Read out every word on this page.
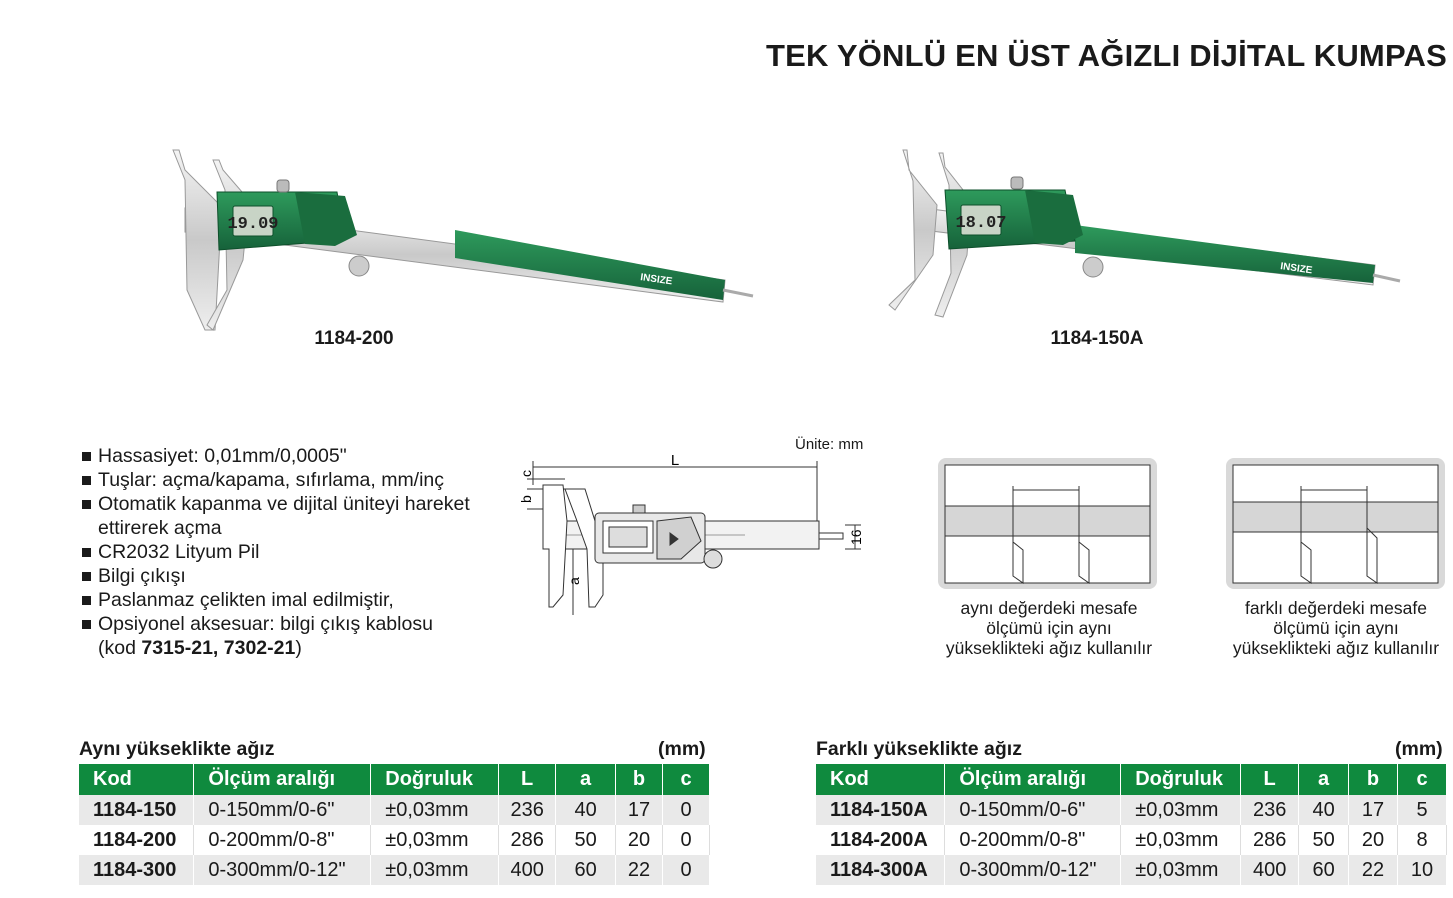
TEK YÖNLÜ EN ÜST AĞIZLI DİJİTAL KUMPAS
19.09
INSIZE
1184-200
18.07
INSIZE
1184-150A
Hassasiyet: 0,01mm/0,0005"
Tuşlar: açma/kapama, sıfırlama, mm/inç
Otomatik kapanma ve dijital üniteyi hareket ettirerek açma
CR2032 Lityum Pil
Bilgi çıkışı
Paslanmaz çelikten imal edilmiştir,
Opsiyonel aksesuar: bilgi çıkış kablosu
(kod 7315-21, 7302-21)
Ünite: mm
L
c
b
a
16
aynı değerdeki mesafe
ölçümü için aynı
yükseklikteki ağız kullanılır
farklı değerdeki mesafe
ölçümü için aynı
yükseklikteki ağız kullanılır
Aynı yükseklikte ağız	(mm)
Kod	Ölçüm aralığı	Doğruluk	L	a	b	c
1184-150	0-150mm/0-6"	±0,03mm	236	40	17	0
1184-200	0-200mm/0-8"	±0,03mm	286	50	20	0
1184-300	0-300mm/0-12"	±0,03mm	400	60	22	0
Farklı yükseklikte ağız	(mm)
Kod	Ölçüm aralığı	Doğruluk	L	a	b	c
1184-150A	0-150mm/0-6"	±0,03mm	236	40	17	5
1184-200A	0-200mm/0-8"	±0,03mm	286	50	20	8
1184-300A	0-300mm/0-12"	±0,03mm	400	60	22	10
